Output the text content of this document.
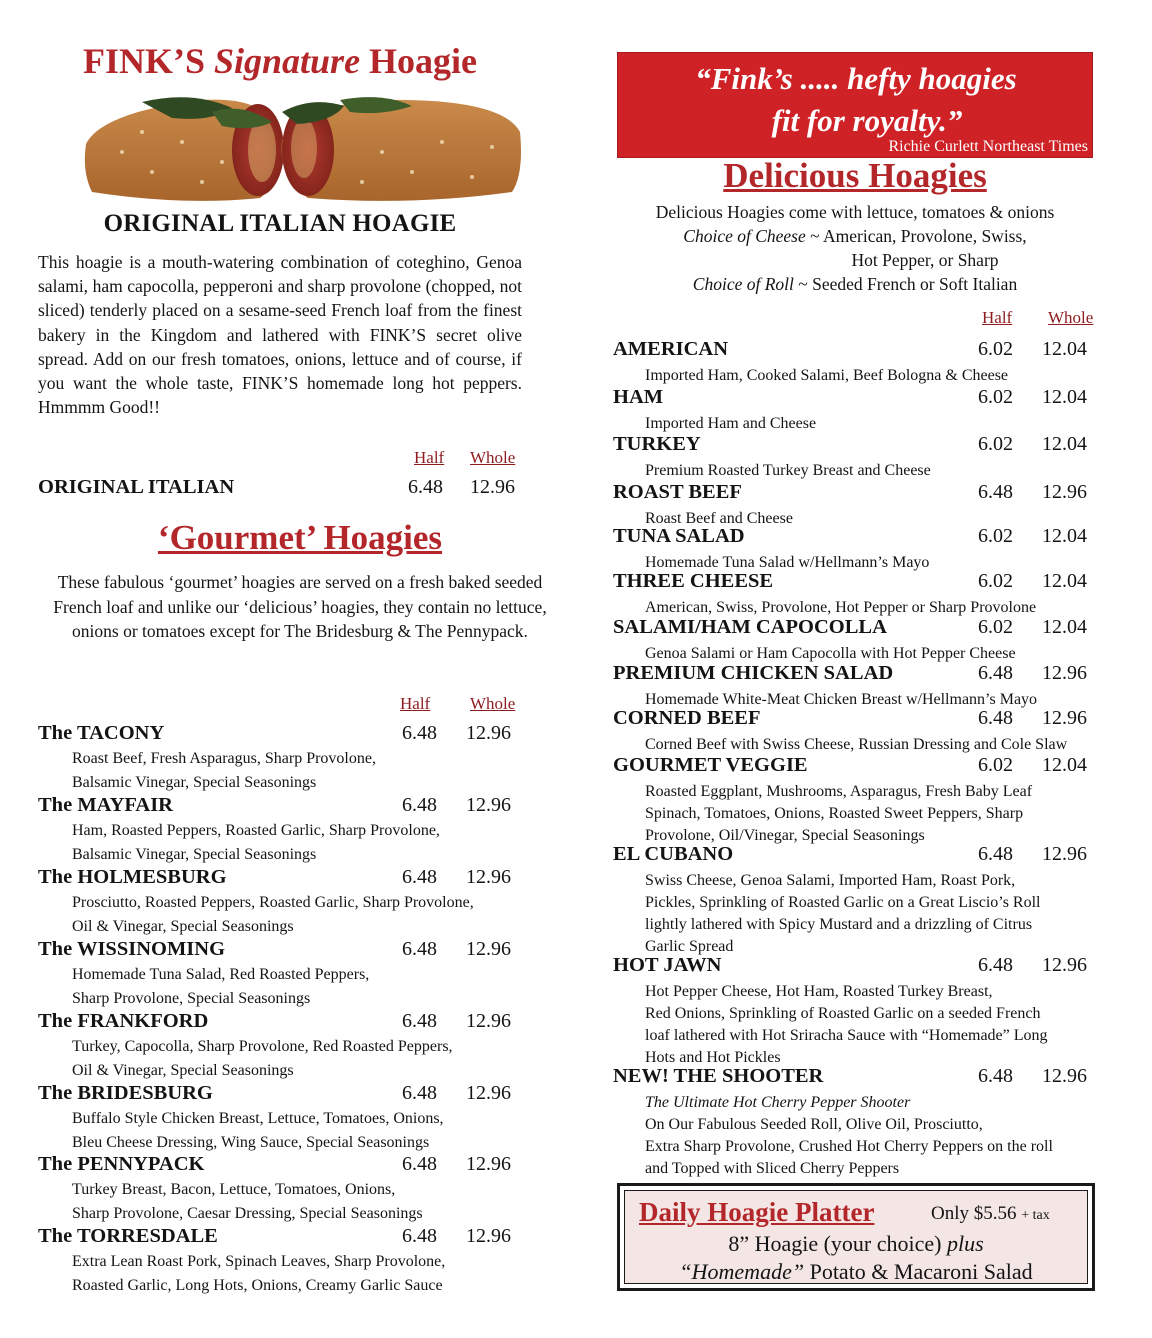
FINK’S Signature Hoagie
ORIGINAL ITALIAN HOAGIE
This hoagie is a mouth-watering combination of coteghino, Genoa salami, ham capocolla, pepperoni and sharp provolone (chopped, not sliced) tenderly placed on a sesame-seed French loaf from the finest bakery in the Kingdom and lathered with FINK’S secret olive spread. Add on our fresh tomatoes, onions, lettuce and of course, if you want the whole taste, FINK’S homemade long hot peppers. Hmmmm Good!!
Half Whole
ORIGINAL ITALIAN	6.48 12.96
‘Gourmet’ Hoagies
These fabulous ‘gourmet’ hoagies are served on a fresh baked seeded French loaf and unlike our ‘delicious’ hoagies, they contain no lettuce, onions or tomatoes except for The Bridesburg & The Pennypack.
Half Whole
The TACONY	6.48 12.96
Roast Beef, Fresh Asparagus, Sharp Provolone,
Balsamic Vinegar, Special Seasonings
The MAYFAIR	6.48 12.96
Ham, Roasted Peppers, Roasted Garlic, Sharp Provolone,
Balsamic Vinegar, Special Seasonings
The HOLMESBURG	6.48 12.96
Prosciutto, Roasted Peppers, Roasted Garlic, Sharp Provolone,
Oil & Vinegar, Special Seasonings
The WISSINOMING	6.48 12.96
Homemade Tuna Salad, Red Roasted Peppers,
Sharp Provolone, Special Seasonings
The FRANKFORD	6.48 12.96
Turkey, Capocolla, Sharp Provolone, Red Roasted Peppers,
Oil & Vinegar, Special Seasonings
The BRIDESBURG	6.48 12.96
Buffalo Style Chicken Breast, Lettuce, Tomatoes, Onions,
Bleu Cheese Dressing, Wing Sauce, Special Seasonings
The PENNYPACK	6.48 12.96
Turkey Breast, Bacon, Lettuce, Tomatoes, Onions,
Sharp Provolone, Caesar Dressing, Special Seasonings
The TORRESDALE	6.48 12.96
Extra Lean Roast Pork, Spinach Leaves, Sharp Provolone,
Roasted Garlic, Long Hots, Onions, Creamy Garlic Sauce
“Fink’s ..... hefty hoagies
fit for royalty.”
Richie Curlett Northeast Times
Delicious Hoagies
Delicious Hoagies come with lettuce, tomatoes & onions
Choice of Cheese ~ American, Provolone, Swiss,
Hot Pepper, or Sharp
Choice of Roll ~ Seeded French or Soft Italian
Half Whole
AMERICAN	6.02 12.04
Imported Ham, Cooked Salami, Beef Bologna & Cheese
HAM	6.02 12.04
Imported Ham and Cheese
TURKEY	6.02 12.04
Premium Roasted Turkey Breast and Cheese
ROAST BEEF	6.48 12.96
Roast Beef and Cheese
TUNA SALAD	6.02 12.04
Homemade Tuna Salad w/Hellmann’s Mayo
THREE CHEESE	6.02 12.04
American, Swiss, Provolone, Hot Pepper or Sharp Provolone
SALAMI/HAM CAPOCOLLA	6.02 12.04
Genoa Salami or Ham Capocolla with Hot Pepper Cheese
PREMIUM CHICKEN SALAD	6.48 12.96
Homemade White-Meat Chicken Breast w/Hellmann’s Mayo
CORNED BEEF	6.48 12.96
Corned Beef with Swiss Cheese, Russian Dressing and Cole Slaw
GOURMET VEGGIE	6.02 12.04
Roasted Eggplant, Mushrooms, Asparagus, Fresh Baby Leaf
Spinach, Tomatoes, Onions, Roasted Sweet Peppers, Sharp
Provolone, Oil/Vinegar, Special Seasonings
EL CUBANO	6.48 12.96
Swiss Cheese, Genoa Salami, Imported Ham, Roast Pork,
Pickles, Sprinkling of Roasted Garlic on a Great Liscio’s Roll
lightly lathered with Spicy Mustard and a drizzling of Citrus
Garlic Spread
HOT JAWN	6.48 12.96
Hot Pepper Cheese, Hot Ham, Roasted Turkey Breast,
Red Onions, Sprinkling of Roasted Garlic on a seeded French
loaf lathered with Hot Sriracha Sauce with “Homemade” Long
Hots and Hot Pickles
NEW! THE SHOOTER	6.48 12.96
The Ultimate Hot Cherry Pepper Shooter
On Our Fabulous Seeded Roll, Olive Oil, Prosciutto,
Extra Sharp Provolone, Crushed Hot Cherry Peppers on the roll
and Topped with Sliced Cherry Peppers
Daily Hoagie Platter	Only $5.56 + tax
8” Hoagie (your choice) plus
“Homemade” Potato & Macaroni Salad
